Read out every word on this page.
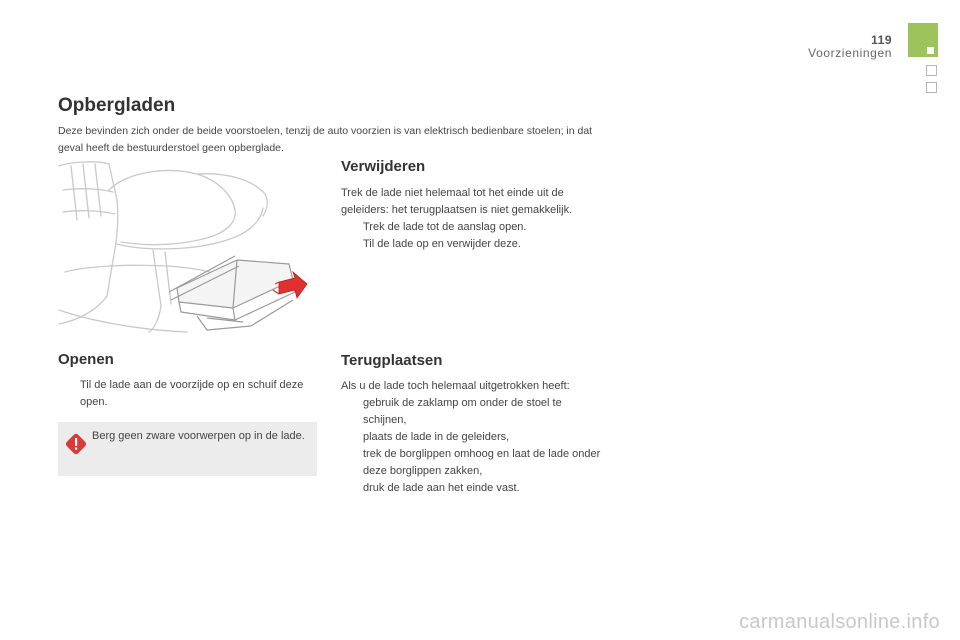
119
Voorzieningen
Opbergladen

Deze bevinden zich onder de beide voorstoelen, tenzij de auto voorzien is van elektrisch bedienbare stoelen; in dat geval heeft de bestuurderstoel geen opberglade.

Verwijderen

Trek de lade niet helemaal tot het einde uit de geleiders: het terugplaatsen is niet gemakkelijk.

Trek de lade tot de aanslag open.
Til de lade op en verwijder deze.
Openen
Til de lade aan de voorzijde op en schuif deze open.

Berg geen zware voorwerpen op in de lade.

Terugplaatsen

Als u de lade toch helemaal uitgetrokken heeft:

gebruik de zaklamp om onder de stoel te schijnen,
plaats de lade in de geleiders,
trek de borglippen omhoog en laat de lade onder deze borglippen zakken,
druk de lade aan het einde vast.
carmanualsonline.info
